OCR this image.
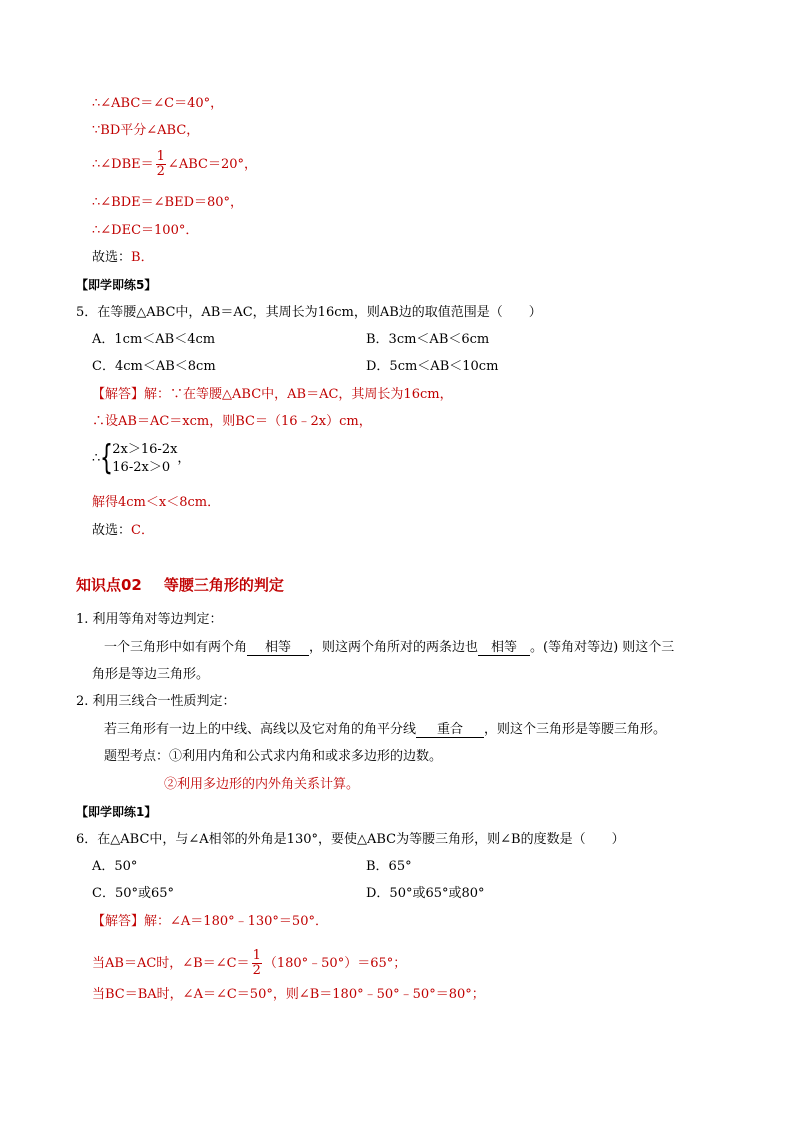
∴∠ABC＝∠C＝40°，
∵BD平分∠ABC，
∴∠DBE＝ $\frac{1}{2}$ ∠ABC＝20°，
∴∠BDE＝∠BED＝80°，
∴∠DEC＝100°．
故选：B．
【即学即练5】
5．在等腰△ABC中，AB＝AC，其周长为16cm，则AB边的取值范围是（　　）
A．1cm＜AB＜4cm	B．3cm＜AB＜6cm
C．4cm＜AB＜8cm	D．5cm＜AB＜10cm
【解答】解：∵在等腰△ABC中，AB＝AC，其周长为16cm，
∴设AB＝AC＝xcm，则BC＝（16﹣2x）cm，
∴ { 2x＞16-2x
16-2x＞0
，
解得4cm＜x＜8cm．
故选：C．
知识点02 等腰三角形的判定
1. 利用等角对等边判定：
一个三角形中如有两个角 相等 ，则这两个角所对的两条边也 相等 。(等角对等边) 则这个三
角形是等边三角形。
2. 利用三线合一性质判定：
若三角形有一边上的中线、高线以及它对角的角平分线 重合 ，则这个三角形是等腰三角形。
题型考点：①利用内角和公式求内角和或求多边形的边数。
②利用多边形的内外角关系计算。
【即学即练1】
6．在△ABC中，与∠A相邻的外角是130°，要使△ABC为等腰三角形，则∠B的度数是（　　）
A．50°	B．65°
C．50°或65°	D．50°或65°或80°
【解答】解：∠A＝180°﹣130°＝50°．
当AB＝AC时，∠B＝∠C＝ $\frac{1}{2}$ （180°﹣50°）＝65°；
当BC＝BA时，∠A＝∠C＝50°，则∠B＝180°﹣50°﹣50°＝80°；
